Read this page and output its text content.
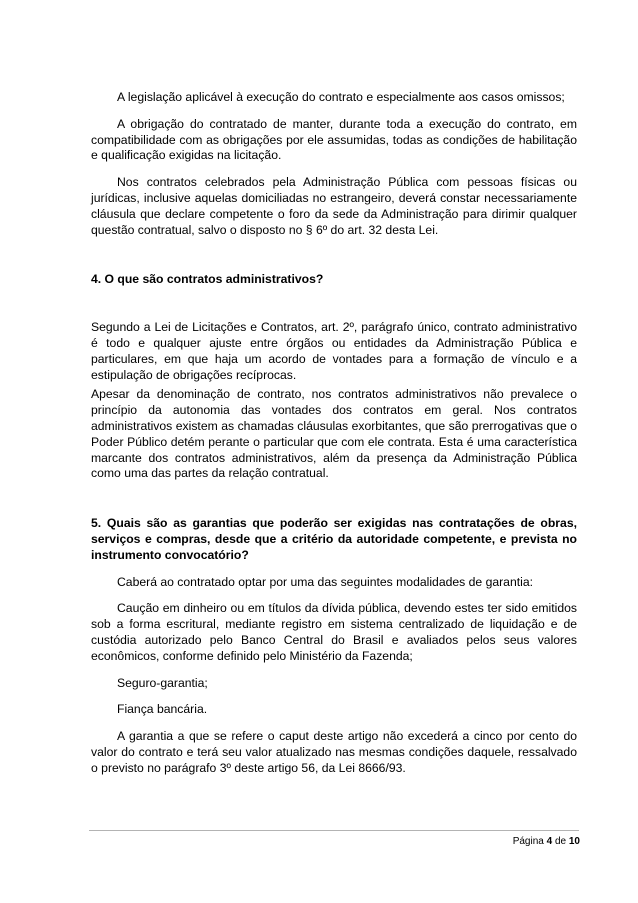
A legislação aplicável à execução do contrato e especialmente aos casos omissos;

A obrigação do contratado de manter, durante toda a execução do contrato, em compatibilidade com as obrigações por ele assumidas, todas as condições de habilitação e qualificação exigidas na licitação.

Nos contratos celebrados pela Administração Pública com pessoas físicas ou jurídicas, inclusive aquelas domiciliadas no estrangeiro, deverá constar necessariamente cláusula que declare competente o foro da sede da Administração para dirimir qualquer questão contratual, salvo o disposto no § 6º do art. 32 desta Lei.

4. O que são contratos administrativos?

Segundo a Lei de Licitações e Contratos, art. 2º, parágrafo único, contrato administrativo é todo e qualquer ajuste entre órgãos ou entidades da Administração Pública e particulares, em que haja um acordo de vontades para a formação de vínculo e a estipulação de obrigações recíprocas.

Apesar da denominação de contrato, nos contratos administrativos não prevalece o princípio da autonomia das vontades dos contratos em geral. Nos contratos administrativos existem as chamadas cláusulas exorbitantes, que são prerrogativas que o Poder Público detém perante o particular que com ele contrata. Esta é uma característica marcante dos contratos administrativos, além da presença da Administração Pública como uma das partes da relação contratual.

5. Quais são as garantias que poderão ser exigidas nas contratações de obras, serviços e compras, desde que a critério da autoridade competente, e prevista no instrumento convocatório?

Caberá ao contratado optar por uma das seguintes modalidades de garantia:

Caução em dinheiro ou em títulos da dívida pública, devendo estes ter sido emitidos sob a forma escritural, mediante registro em sistema centralizado de liquidação e de custódia autorizado pelo Banco Central do Brasil e avaliados pelos seus valores econômicos, conforme definido pelo Ministério da Fazenda;

Seguro-garantia;

Fiança bancária.

A garantia a que se refere o caput deste artigo não excederá a cinco por cento do valor do contrato e terá seu valor atualizado nas mesmas condições daquele, ressalvado o previsto no parágrafo 3º deste artigo 56, da Lei 8666/93.

Página 4 de 10
